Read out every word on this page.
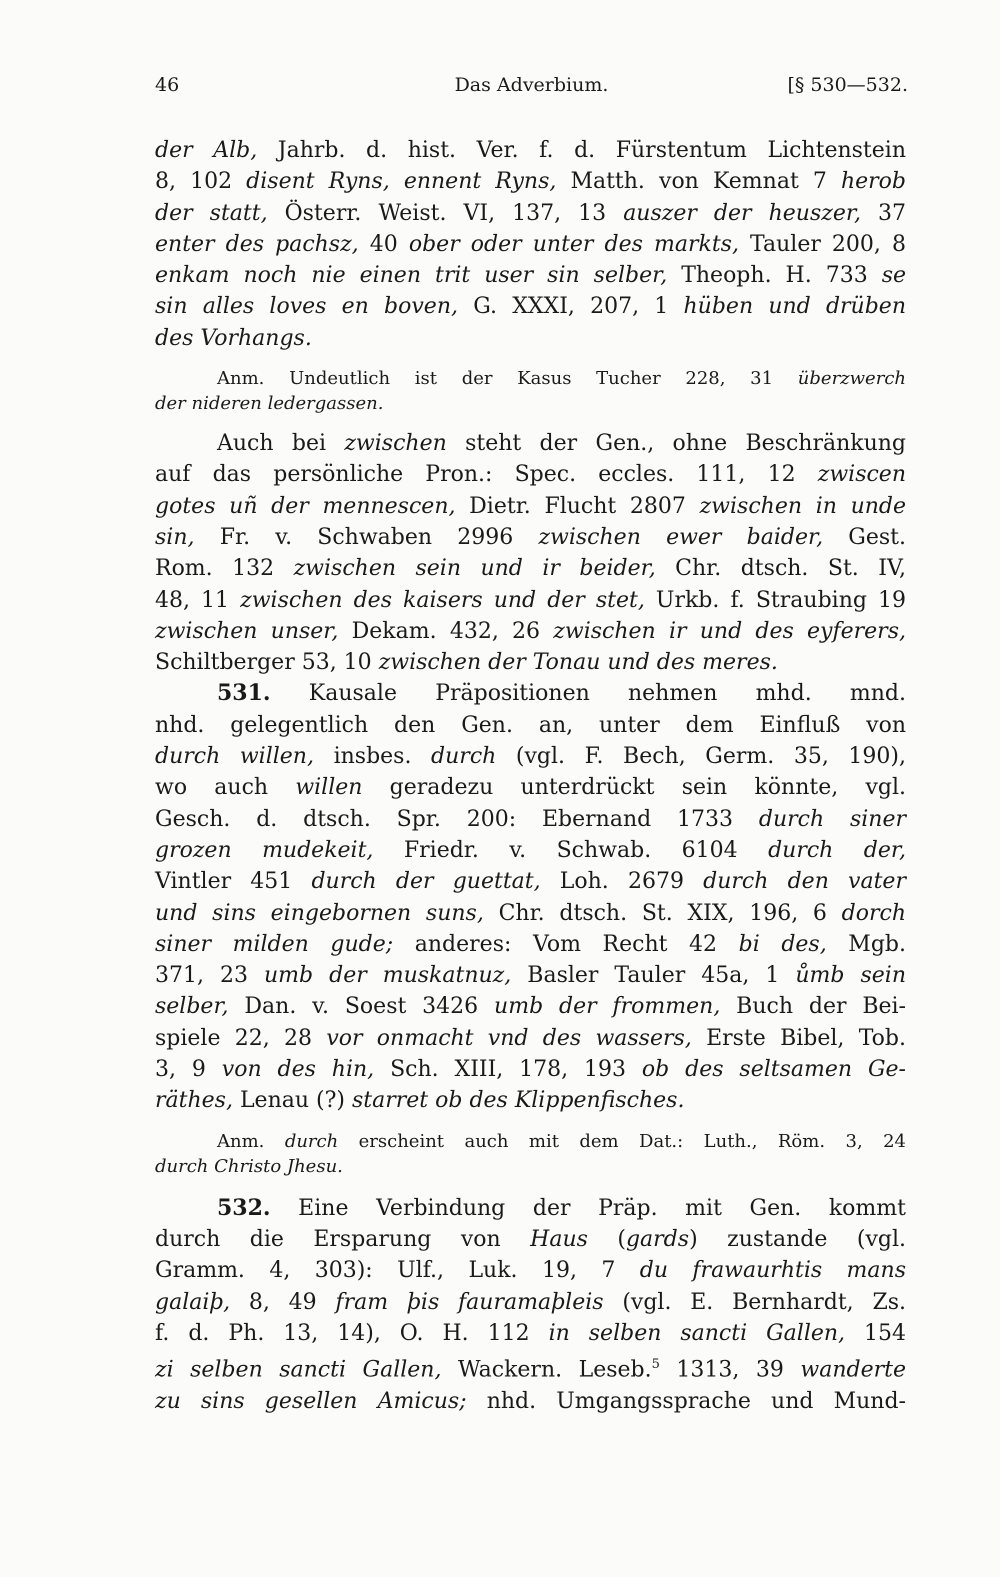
46	Das Adverbium.	[§ 530—532.
der Alb, Jahrb. d. hist. Ver. f. d. Fürstentum Lichtenstein
8, 102 disent Ryns, ennent Ryns, Matth. von Kemnat 7 herob
der statt, Österr. Weist. VI, 137, 13 auszer der heuszer, 37
enter des pachsz, 40 ober oder unter des markts, Tauler 200, 8
enkam noch nie einen trit user sin selber, Theoph. H. 733 se
sin alles loves en boven, G. XXXI, 207, 1 hüben und drüben
des Vorhangs.
Anm. Undeutlich ist der Kasus Tucher 228, 31 überzwerch
der nideren ledergassen.
Auch bei zwischen steht der Gen., ohne Beschränkung
auf das persönliche Pron.: Spec. eccles. 111, 12 zwiscen
gotes uñ der mennescen, Dietr. Flucht 2807 zwischen in unde
sin, Fr. v. Schwaben 2996 zwischen ewer baider, Gest.
Rom. 132 zwischen sein und ir beider, Chr. dtsch. St. IV,
48, 11 zwischen des kaisers und der stet, Urkb. f. Straubing 19
zwischen unser, Dekam. 432, 26 zwischen ir und des eyferers,
Schiltberger 53, 10 zwischen der Tonau und des meres.
531. Kausale Präpositionen nehmen mhd. mnd.
nhd. gelegentlich den Gen. an, unter dem Einfluß von
durch willen, insbes. durch (vgl. F. Bech, Germ. 35, 190),
wo auch willen geradezu unterdrückt sein könnte, vgl.
Gesch. d. dtsch. Spr. 200: Ebernand 1733 durch siner
grozen mudekeit, Friedr. v. Schwab. 6104 durch der,
Vintler 451 durch der guettat, Loh. 2679 durch den vater
und sins eingebornen suns, Chr. dtsch. St. XIX, 196, 6 dorch
siner milden gude; anderes: Vom Recht 42 bi des, Mgb.
371, 23 umb der muskatnuz, Basler Tauler 45a, 1 ůmb sein
selber, Dan. v. Soest 3426 umb der frommen, Buch der Bei-
spiele 22, 28 vor onmacht vnd des wassers, Erste Bibel, Tob.
3, 9 von des hin, Sch. XIII, 178, 193 ob des seltsamen Ge-
räthes, Lenau (?) starret ob des Klippenfisches.
Anm. durch erscheint auch mit dem Dat.: Luth., Röm. 3, 24
durch Christo Jhesu.
532. Eine Verbindung der Präp. mit Gen. kommt
durch die Ersparung von Haus (gards) zustande (vgl.
Gramm. 4, 303): Ulf., Luk. 19, 7 du frawaurhtis mans
galaiþ, 8, 49 fram þis fauramaþleis (vgl. E. Bernhardt, Zs.
f. d. Ph. 13, 14), O. H. 112 in selben sancti Gallen, 154
zi selben sancti Gallen, Wackern. Leseb.$^5$ 1313, 39 wanderte
zu sins gesellen Amicus; nhd. Umgangssprache und Mund-
